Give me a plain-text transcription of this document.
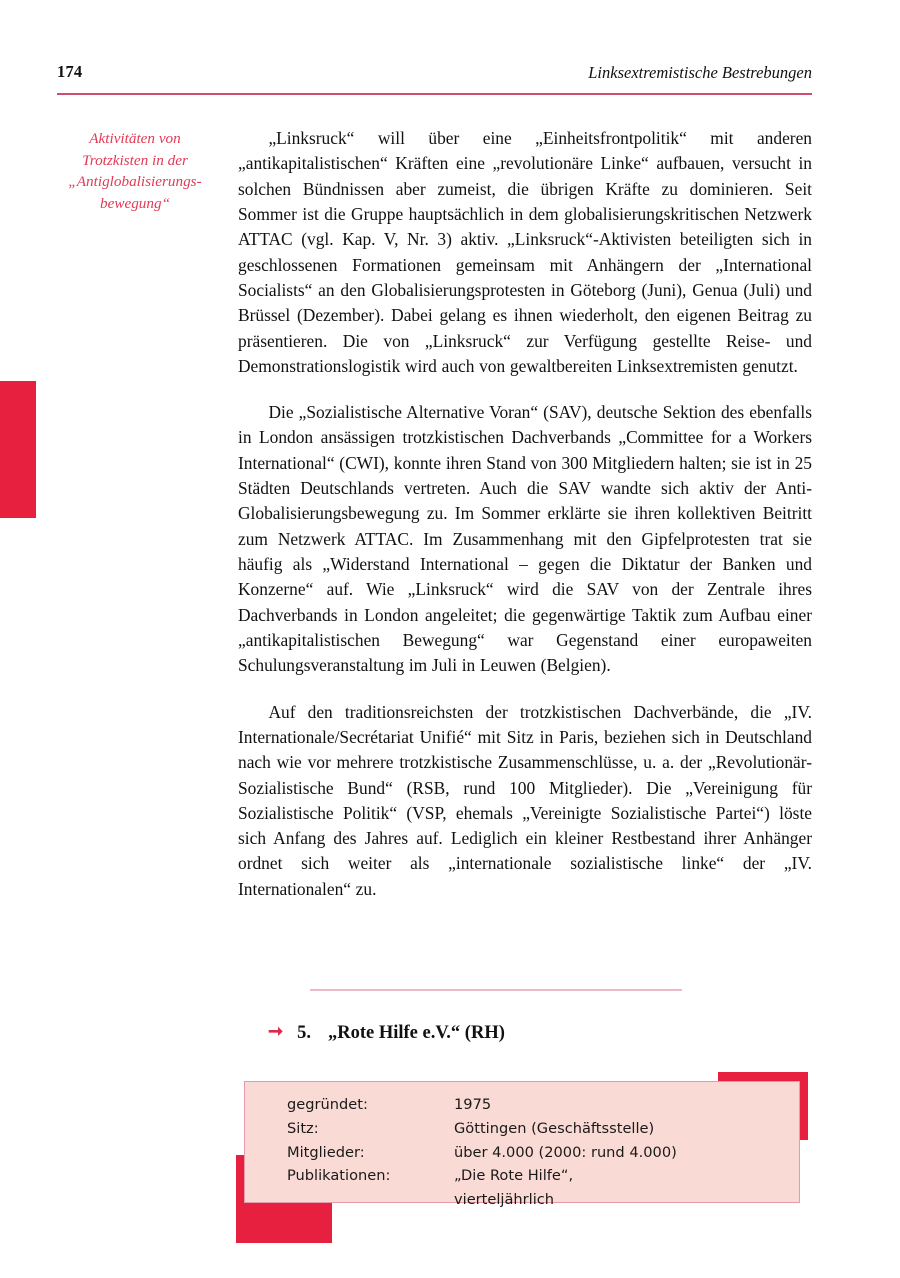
174	Linksextremistische Bestrebungen
Aktivitäten von
Trotzkisten in der
„Antiglobalisierungs-
bewegung“

„Linksruck“ will über eine „Einheitsfrontpolitik“ mit anderen „antikapitalistischen“ Kräften eine „revolutionäre Linke“ aufbauen, versucht in solchen Bündnissen aber zumeist, die übrigen Kräfte zu dominieren. Seit Sommer ist die Gruppe hauptsächlich in dem globalisierungskritischen Netzwerk ATTAC (vgl. Kap. V, Nr. 3) aktiv. „Linksruck“-Aktivisten beteiligten sich in geschlossenen Formationen gemeinsam mit Anhängern der „International Socialists“ an den Globalisierungsprotesten in Göteborg (Juni), Genua (Juli) und Brüssel (Dezember). Dabei gelang es ihnen wiederholt, den eigenen Beitrag zu präsentieren. Die von „Linksruck“ zur Verfügung gestellte Reise- und Demonstrationslogistik wird auch von gewaltbereiten Linksextremisten genutzt.

Die „Sozialistische Alternative Voran“ (SAV), deutsche Sektion des ebenfalls in London ansässigen trotzkistischen Dachverbands „Committee for a Workers International“ (CWI), konnte ihren Stand von 300 Mitgliedern halten; sie ist in 25 Städten Deutschlands vertreten. Auch die SAV wandte sich aktiv der Anti-Globalisierungsbewegung zu. Im Sommer erklärte sie ihren kollektiven Beitritt zum Netzwerk ATTAC. Im Zusammenhang mit den Gipfelprotesten trat sie häufig als „Widerstand International – gegen die Diktatur der Banken und Konzerne“ auf. Wie „Linksruck“ wird die SAV von der Zentrale ihres Dachverbands in London angeleitet; die gegenwärtige Taktik zum Aufbau einer „antikapitalistischen Bewegung“ war Gegenstand einer europaweiten Schulungsveranstaltung im Juli in Leuwen (Belgien).

Auf den traditionsreichsten der trotzkistischen Dachverbände, die „IV. Internationale/Secrétariat Unifié“ mit Sitz in Paris, beziehen sich in Deutschland nach wie vor mehrere trotzkistische Zusammenschlüsse, u. a. der „Revolutionär-Sozialistische Bund“ (RSB, rund 100 Mitglieder). Die „Vereinigung für Sozialistische Politik“ (VSP, ehemals „Vereinigte Sozialistische Partei“) löste sich Anfang des Jahres auf. Lediglich ein kleiner Restbestand ihrer Anhänger ordnet sich weiter als „internationale sozialistische linke“ der „IV. Internationalen“ zu.

➞ 5. „Rote Hilfe e.V.“ (RH)
gegründet:	1975
Sitz:	Göttingen (Geschäftsstelle)
Mitglieder:	über 4.000 (2000: rund 4.000)
Publikationen:	„Die Rote Hilfe“,
vierteljährlich
